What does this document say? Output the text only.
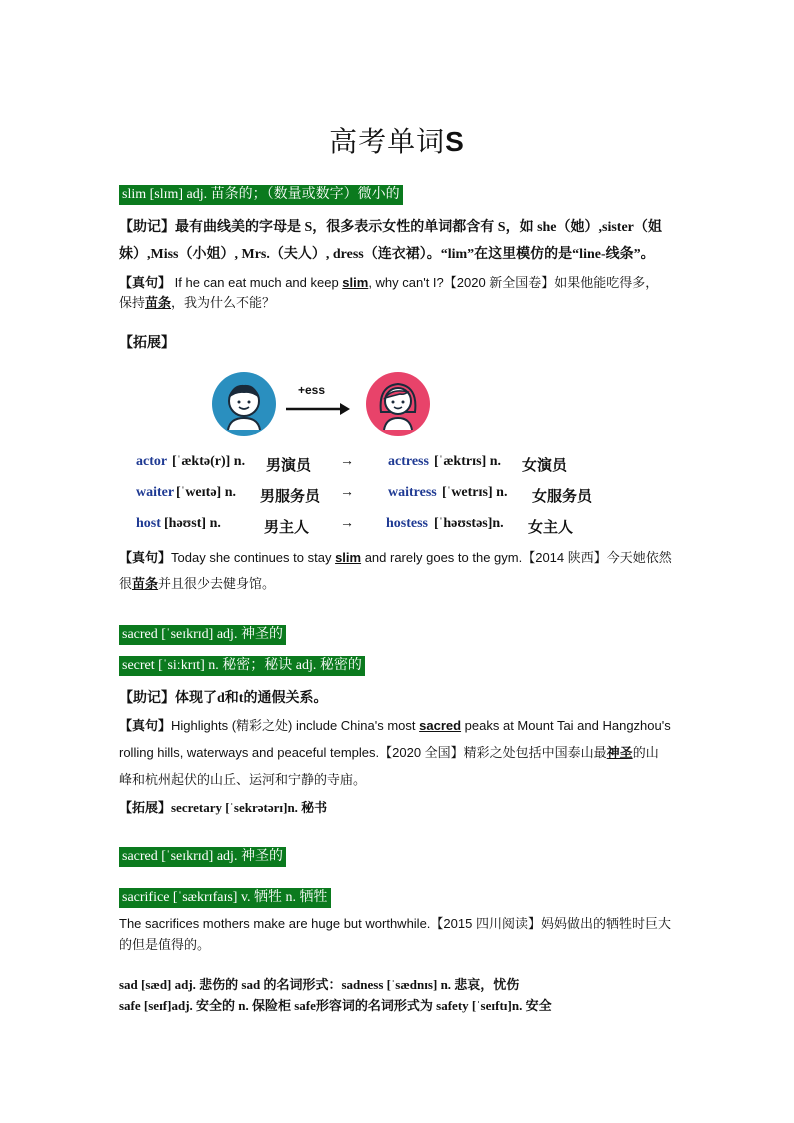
高考单词S
slim [slɪm] adj. 苗条的；（数量或数字）微小的
【助记】最有曲线美的字母是 S，很多表示女性的单词都含有 S，如 she（她）,sister（姐
妹）,Miss（小姐）, Mrs.（夫人）, dress（连衣裙）。“lim”在这里模仿的是“line-线条”。
【真句】 If he can eat much and keep slim, why can't I?【2020 新全国卷】如果他能吃得多，
保持苗条，我为什么不能？
【拓展】
+ess
actor [ˈæktə(r)] n. 男演员 → actress [ˈæktrɪs] n. 女演员
waiter [ˈweɪtə] n. 男服务员 → waitress [ˈwetrɪs] n. 女服务员
host [həʊst] n.	男主人 → hostess [ˈhəʊstəs]n. 女主人
【真句】Today she continues to stay slim and rarely goes to the gym.【2014 陕西】今天她依然
很苗条并且很少去健身馆。
sacred [ˈseɪkrɪd] adj. 神圣的
secret [ˈsiːkrɪt] n. 秘密；秘诀 adj. 秘密的
【助记】体现了d和t的通假关系。
【真句】Highlights (精彩之处) include China's most sacred peaks at Mount Tai and Hangzhou's
rolling hills, waterways and peaceful temples.【2020 全国】精彩之处包括中国泰山最神圣的山
峰和杭州起伏的山丘、运河和宁静的寺庙。
【拓展】secretary [ˈsekrətərɪ]n. 秘书
sacred [ˈseɪkrɪd] adj. 神圣的
sacrifice [ˈsækrɪfaɪs] v. 牺牲 n. 牺牲
The sacrifices mothers make are huge but worthwhile.【2015 四川阅读】妈妈做出的牺牲时巨大
的但是值得的。
sad [sæd] adj. 悲伤的 sad 的名词形式：sadness [ˈsædnɪs] n. 悲哀，忧伤
safe [seɪf]adj. 安全的 n. 保险柜 safe形容词的名词形式为 safety [ˈseɪftɪ]n. 安全
